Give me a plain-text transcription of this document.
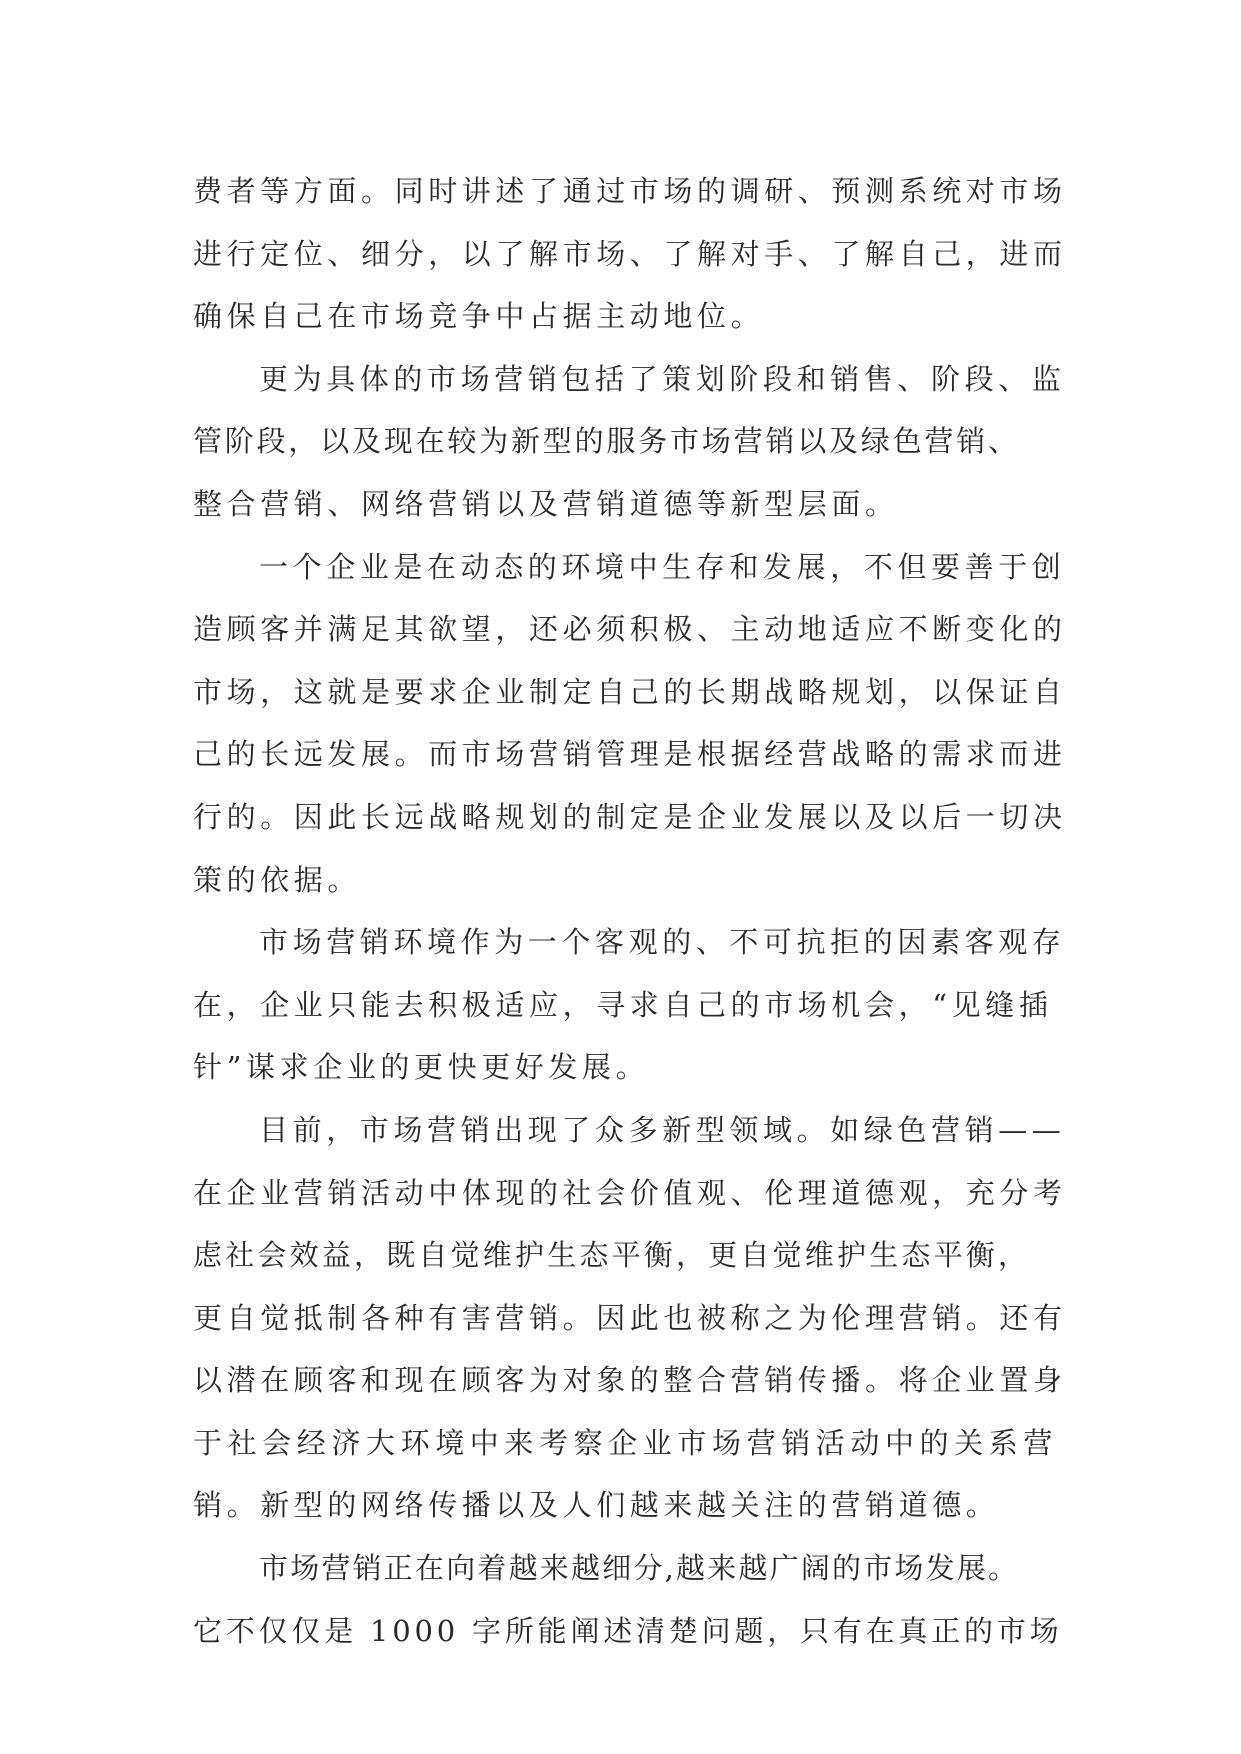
费者等方面。同时讲述了通过市场的调研、预测系统对市场
进行定位、细分，以了解市场、了解对手、了解自己，进而
确保自己在市场竞争中占据主动地位。

更为具体的市场营销包括了策划阶段和销售、阶段、监
管阶段，以及现在较为新型的服务市场营销以及绿色营销、
整合营销、网络营销以及营销道德等新型层面。

一个企业是在动态的环境中生存和发展，不但要善于创
造顾客并满足其欲望，还必须积极、主动地适应不断变化的
市场，这就是要求企业制定自己的长期战略规划，以保证自
己的长远发展。而市场营销管理是根据经营战略的需求而进
行的。因此长远战略规划的制定是企业发展以及以后一切决
策的依据。

市场营销环境作为一个客观的、不可抗拒的因素客观存
在，企业只能去积极适应，寻求自己的市场机会，“见缝插
针”谋求企业的更快更好发展。

目前，市场营销出现了众多新型领域。如绿色营销——
在企业营销活动中体现的社会价值观、伦理道德观，充分考
虑社会效益，既自觉维护生态平衡，更自觉维护生态平衡，
更自觉抵制各种有害营销。因此也被称之为伦理营销。还有
以潜在顾客和现在顾客为对象的整合营销传播。将企业置身
于社会经济大环境中来考察企业市场营销活动中的关系营
销。新型的网络传播以及人们越来越关注的营销道德。

市场营销正在向着越来越细分,越来越广阔的市场发展。
它不仅仅是 1000 字所能阐述清楚问题，只有在真正的市场
